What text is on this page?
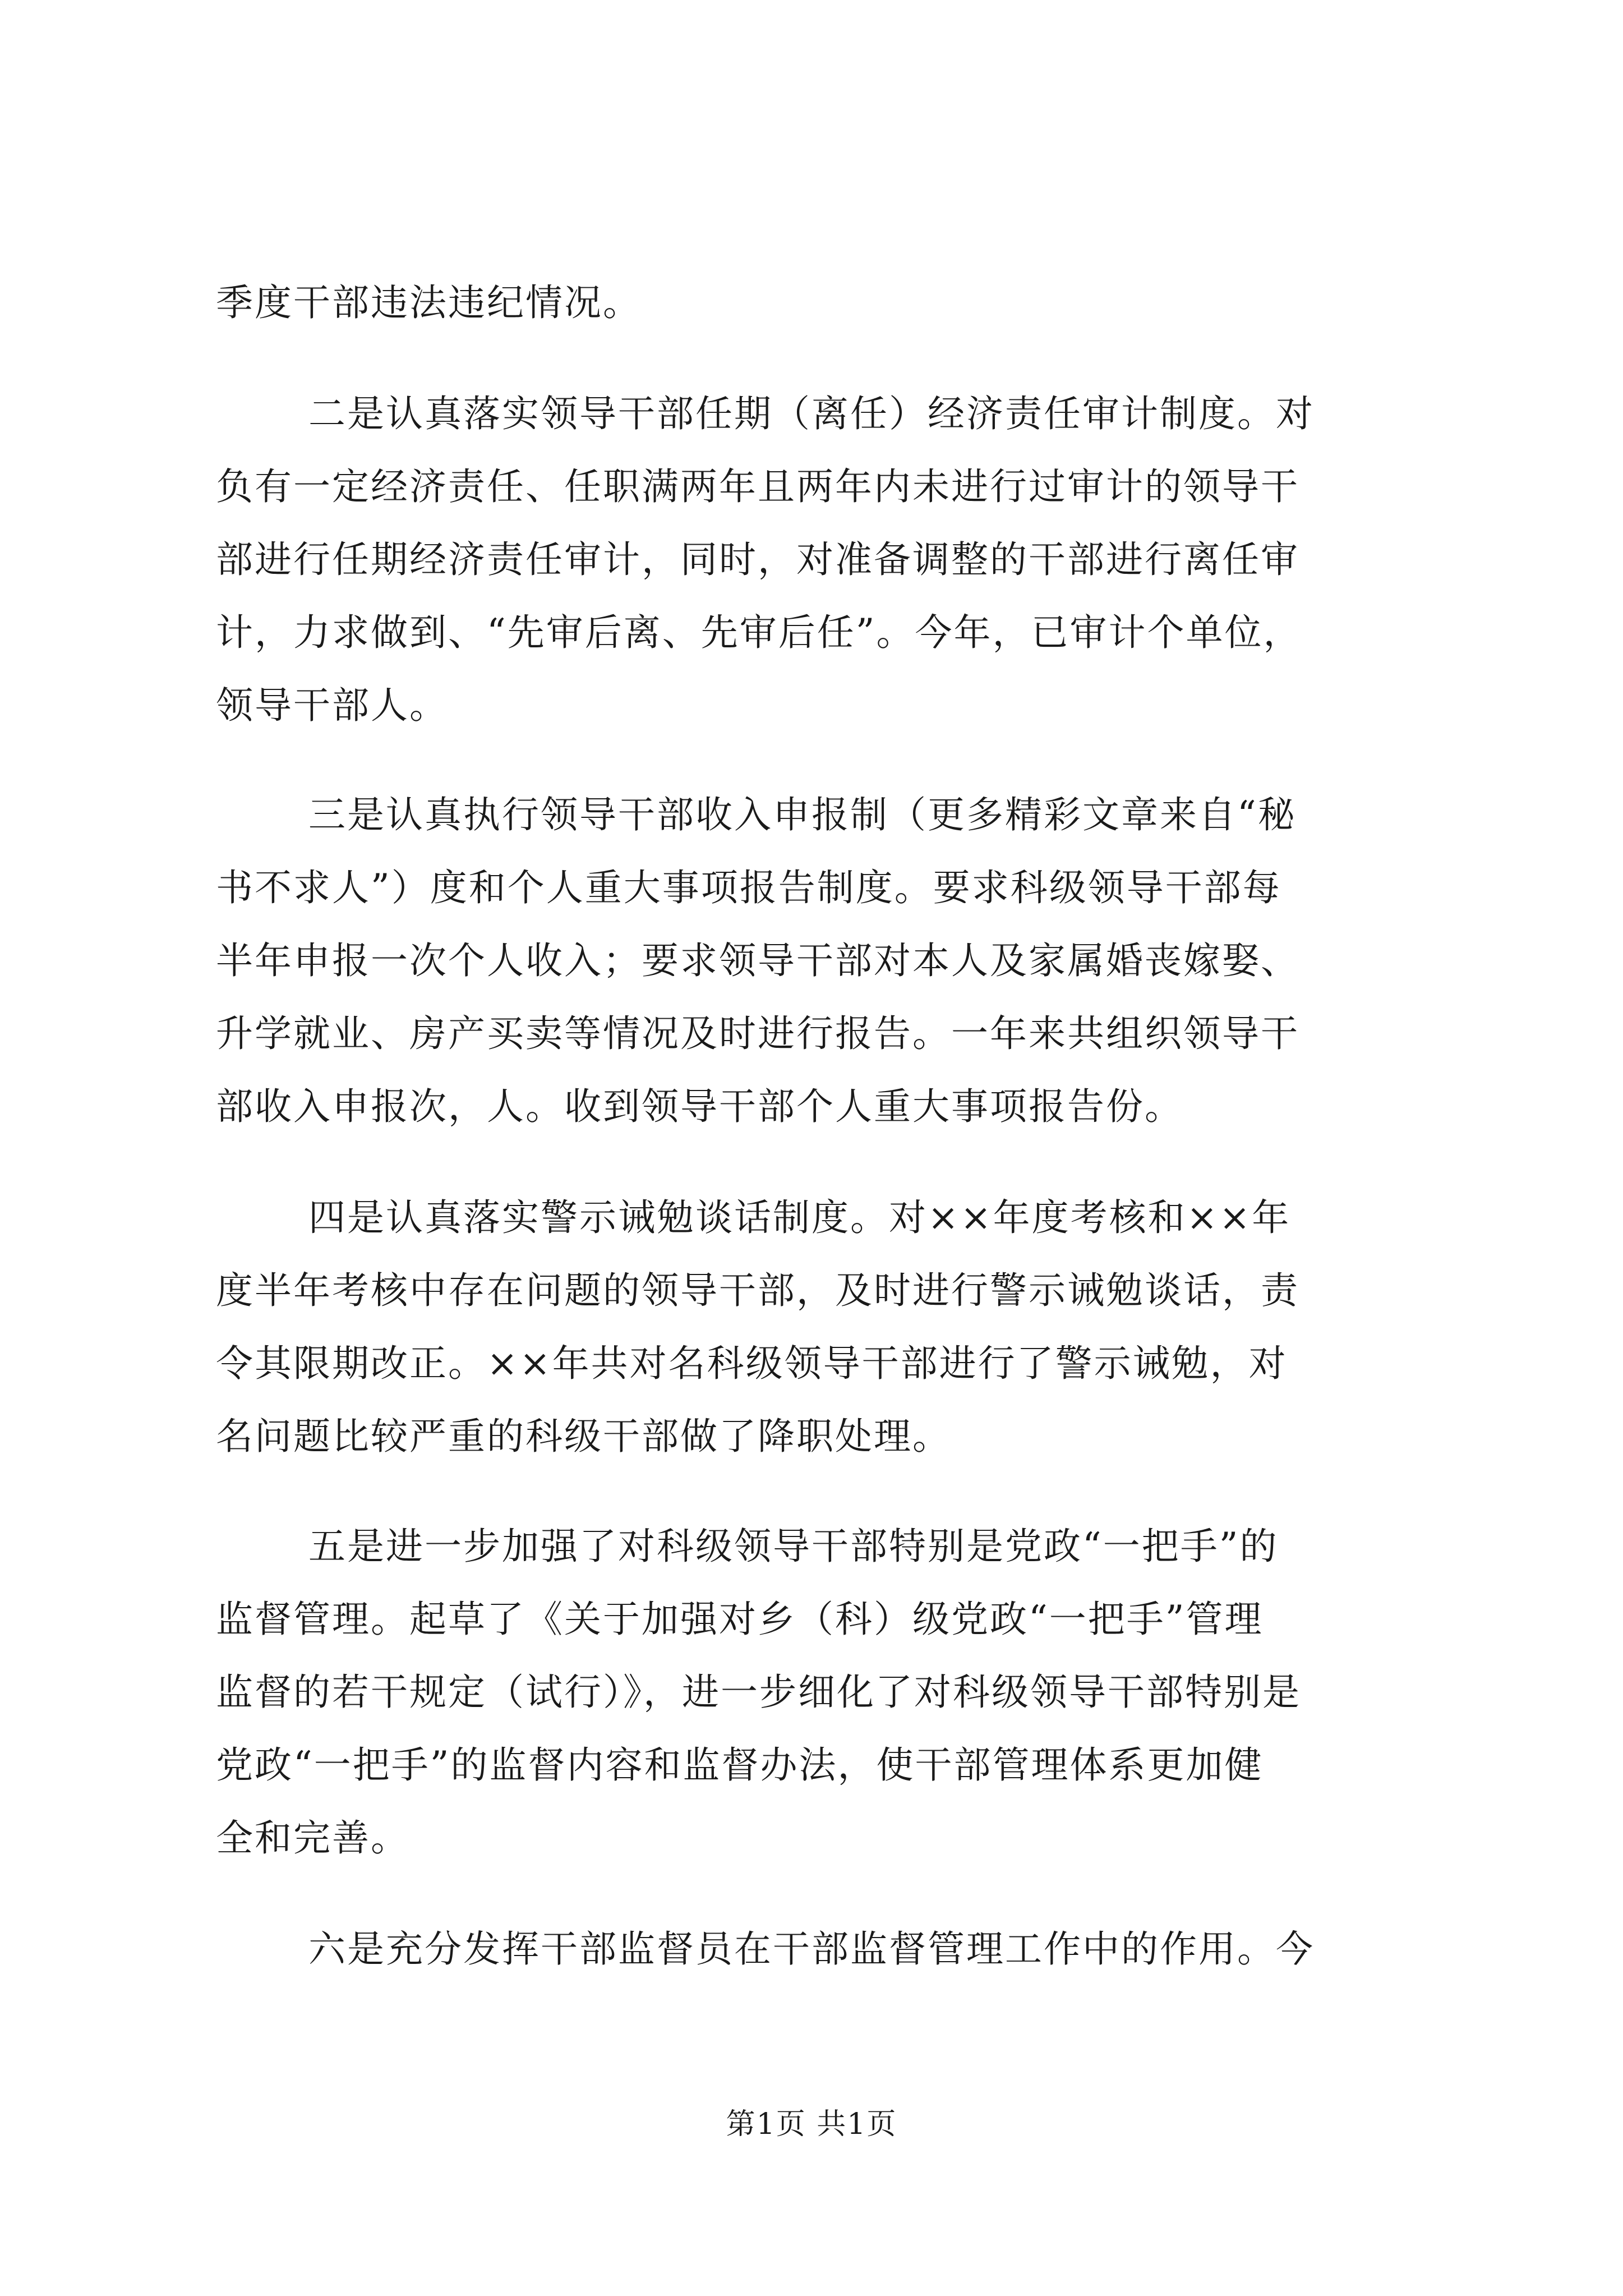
季度干部违法违纪情况。
二是认真落实领导干部任期（离任）经济责任审计制度。对
负有一定经济责任、任职满两年且两年内未进行过审计的领导干
部进行任期经济责任审计，同时，对准备调整的干部进行离任审
计，力求做到、“先审后离、先审后任”。今年，已审计个单位，
领导干部人。
三是认真执行领导干部收入申报制（更多精彩文章来自“秘
书不求人”）度和个人重大事项报告制度。要求科级领导干部每
半年申报一次个人收入；要求领导干部对本人及家属婚丧嫁娶、
升学就业、房产买卖等情况及时进行报告。一年来共组织领导干
部收入申报次，人。收到领导干部个人重大事项报告份。
四是认真落实警示诫勉谈话制度。对××年度考核和××年
度半年考核中存在问题的领导干部，及时进行警示诫勉谈话，责
令其限期改正。××年共对名科级领导干部进行了警示诫勉，对
名问题比较严重的科级干部做了降职处理。
五是进一步加强了对科级领导干部特别是党政“一把手”的
监督管理。起草了《关于加强对乡（科）级党政“一把手”管理
监督的若干规定（试行）》，进一步细化了对科级领导干部特别是
党政“一把手”的监督内容和监督办法，使干部管理体系更加健
全和完善。
六是充分发挥干部监督员在干部监督管理工作中的作用。今
第1页 共1页
